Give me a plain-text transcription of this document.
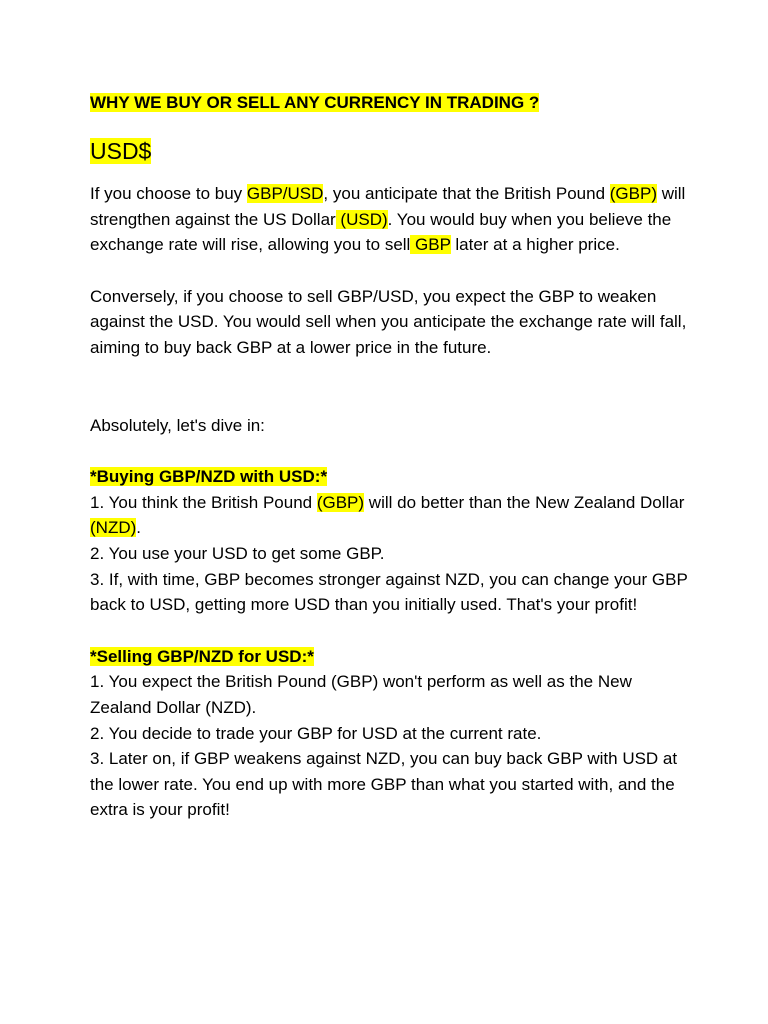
WHY WE BUY OR SELL ANY CURRENCY IN TRADING ?
USD$

If you choose to buy GBP/USD, you anticipate that the British Pound (GBP) will strengthen against the US Dollar (USD). You would buy when you believe the exchange rate will rise, allowing you to sell GBP later at a higher price.

Conversely, if you choose to sell GBP/USD, you expect the GBP to weaken against the USD. You would sell when you anticipate the exchange rate will fall, aiming to buy back GBP at a lower price in the future.

Absolutely, let's dive in:

*Buying GBP/NZD with USD:*

1. You think the British Pound (GBP) will do better than the New Zealand Dollar (NZD).

2. You use your USD to get some GBP.

3. If, with time, GBP becomes stronger against NZD, you can change your GBP back to USD, getting more USD than you initially used. That's your profit!

*Selling GBP/NZD for USD:*

1. You expect the British Pound (GBP) won't perform as well as the New Zealand Dollar (NZD).

2. You decide to trade your GBP for USD at the current rate.

3. Later on, if GBP weakens against NZD, you can buy back GBP with USD at the lower rate. You end up with more GBP than what you started with, and the extra is your profit!
